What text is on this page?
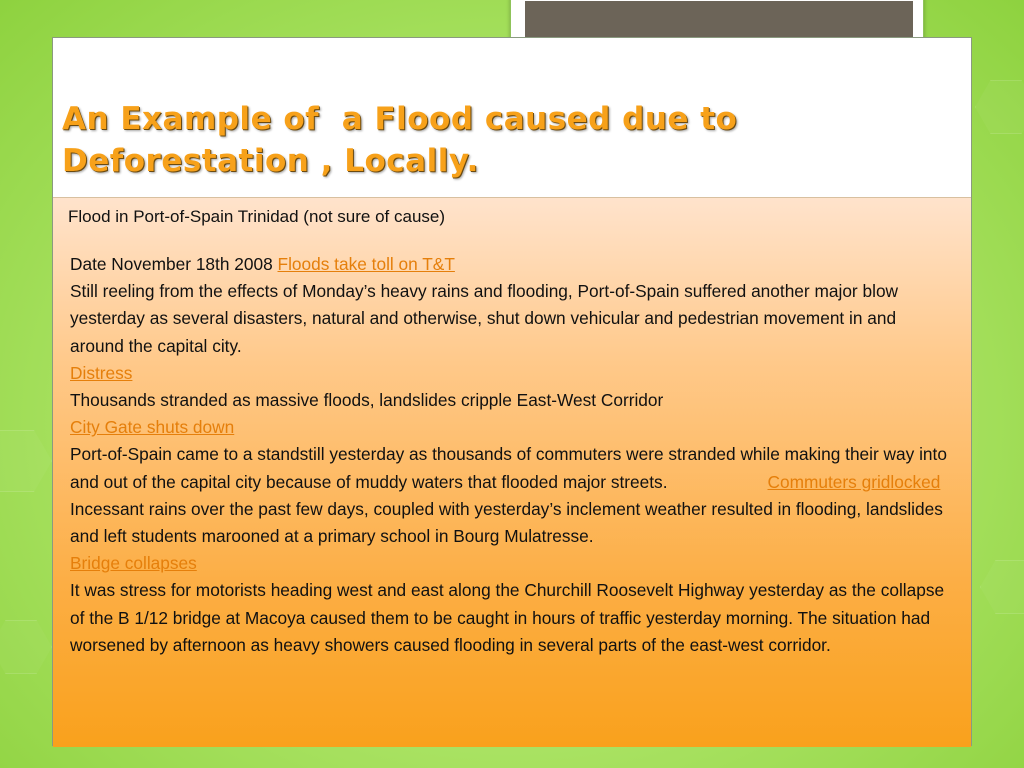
An Example of  a Flood caused due to
Deforestation , Locally.

Flood in Port-of-Spain Trinidad (not sure of cause)

Date November 18th 2008 Floods take toll on T&T
Still reeling from the effects of Monday’s heavy rains and flooding, Port-of-Spain suffered another major blow yesterday as several disasters, natural and otherwise, shut down vehicular and pedestrian movement in and around the capital city.
Distress
Thousands stranded as massive floods, landslides cripple East-West Corridor
City Gate shuts down
Port-of-Spain came to a standstill yesterday as thousands of commuters were stranded while making their way into and out of the capital city because of muddy waters that flooded major streets.	Commuters gridlocked
Incessant rains over the past few days, coupled with yesterday’s inclement weather resulted in flooding, landslides and left students marooned at a primary school in Bourg Mulatresse.
Bridge collapses
It was stress for motorists heading west and east along the Churchill Roosevelt Highway yesterday as the collapse of the B 1/12 bridge at Macoya caused them to be caught in hours of traffic yesterday morning. The situation had worsened by afternoon as heavy showers caused flooding in several parts of the east-west corridor.
